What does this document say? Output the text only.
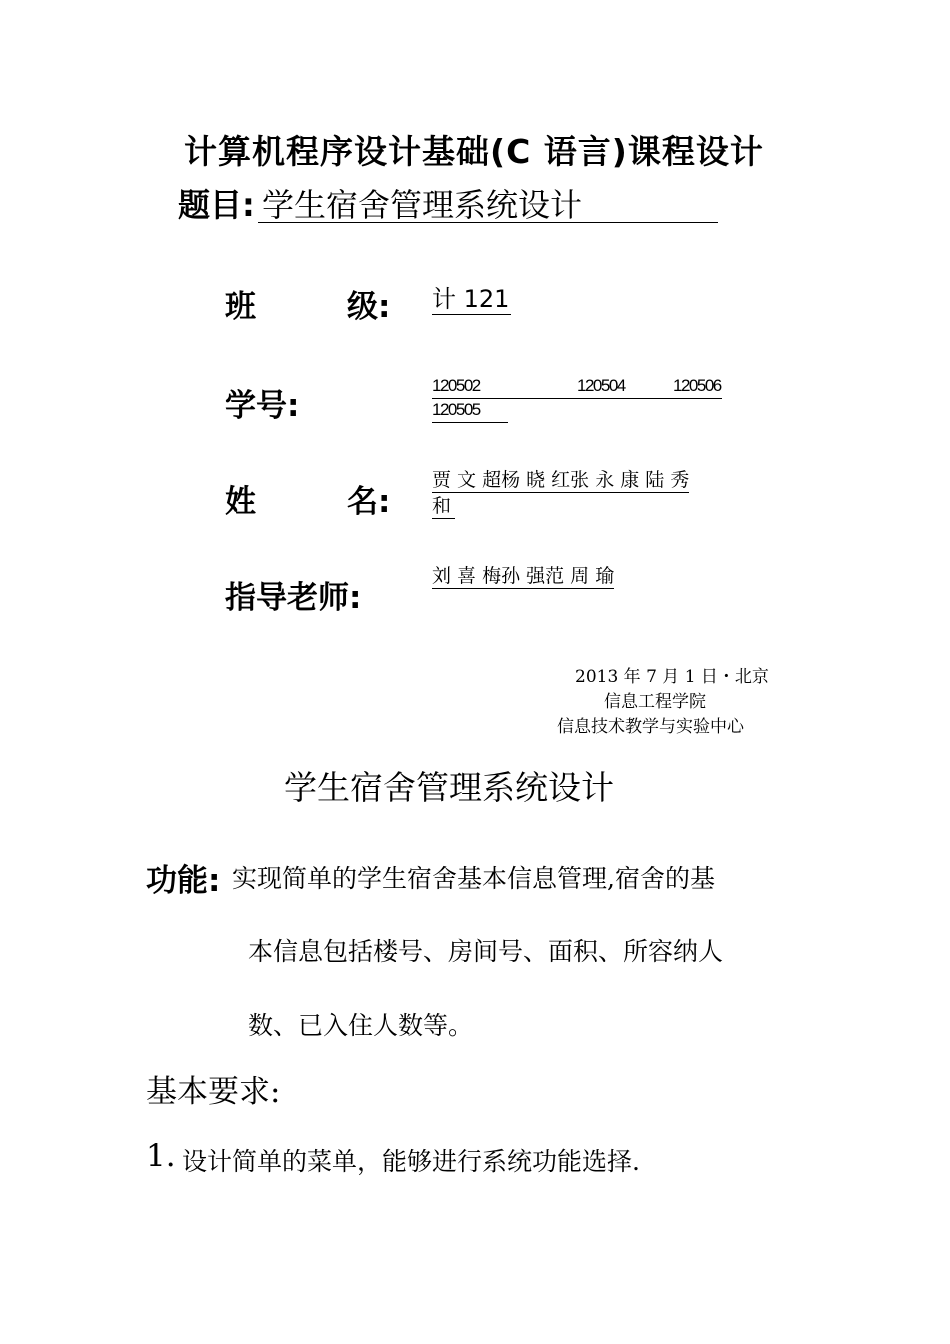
计算机程序设计基础(C 语言)课程设计
题目: 学生宿舍管理系统设计
班	级: 计 121
学号:
120502	120504	120506

120505
姓	名:
贾 文 超杨 晓 红张 永 康 陆 秀
和
指导老师:
刘 喜 梅孙 强范 周 瑜
2013 年 7 月 1 日・北京
信息工程学院
信息技术教学与实验中心
学生宿舍管理系统设计
功能: 实现简单的学生宿舍基本信息管理,宿舍的基
本信息包括楼号、房间号、面积、所容纳人
数、已入住人数等。
基本要求:
1. 设计简单的菜单，能够进行系统功能选择.
